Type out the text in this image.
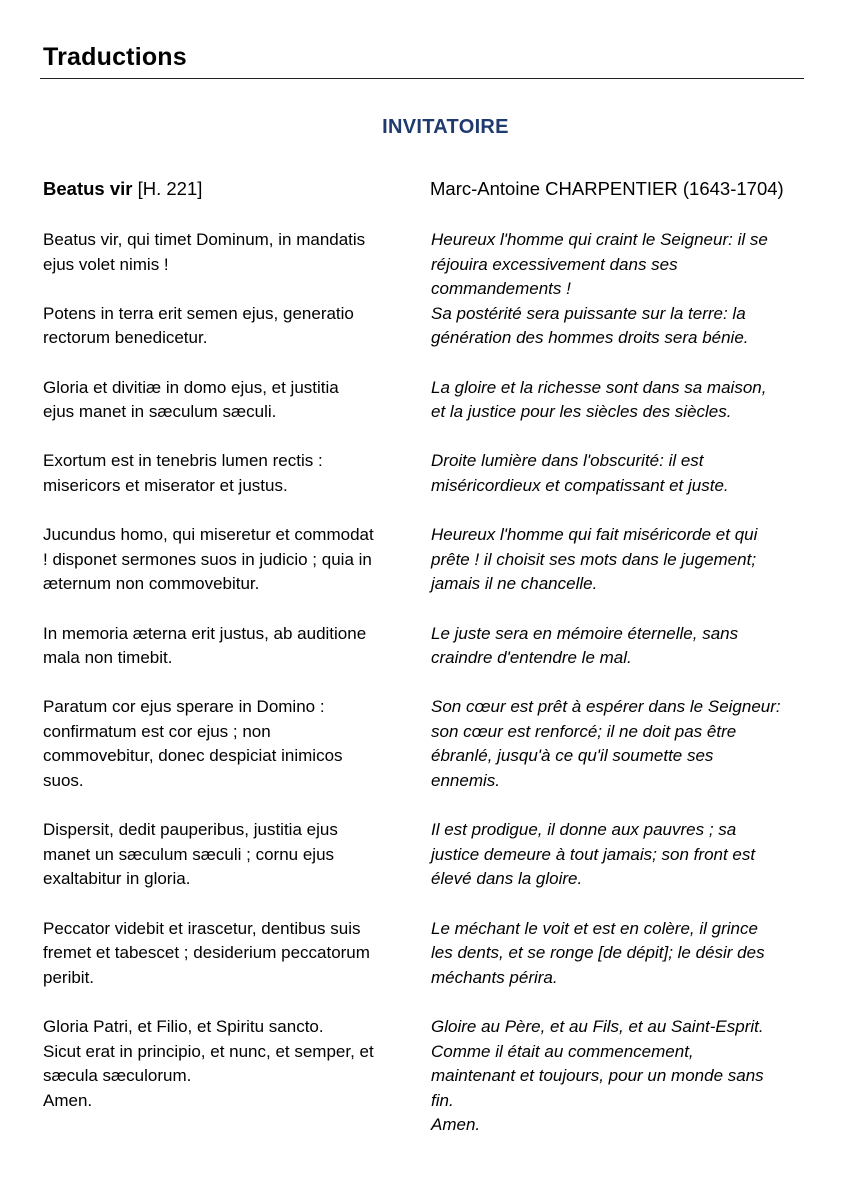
Traductions
INVITATOIRE
Beatus vir [H. 221]	Marc-Antoine CHARPENTIER (1643-1704)

Beatus vir, qui timet Dominum, in mandatis
ejus volet nimis !

Potens in terra erit semen ejus, generatio
rectorum benedicetur.

Gloria et divitiæ in domo ejus, et justitia
ejus manet in sæculum sæculi.

Exortum est in tenebris lumen rectis :
misericors et miserator et justus.

Jucundus homo, qui miseretur et commodat
! disponet sermones suos in judicio ; quia in
æternum non commovebitur.

In memoria æterna erit justus, ab auditione
mala non timebit.

Paratum cor ejus sperare in Domino :
confirmatum est cor ejus ; non
commovebitur, donec despiciat inimicos
suos.

Dispersit, dedit pauperibus, justitia ejus
manet un sæculum sæculi ; cornu ejus
exaltabitur in gloria.

Peccator videbit et irascetur, dentibus suis
fremet et tabescet ; desiderium peccatorum
peribit.

Gloria Patri, et Filio, et Spiritu sancto.
Sicut erat in principio, et nunc, et semper, et
sæcula sæculorum.
Amen.

Heureux l'homme qui craint le Seigneur: il se
réjouira excessivement dans ses
commandements !

Sa postérité sera puissante sur la terre: la
génération des hommes droits sera bénie.

La gloire et la richesse sont dans sa maison,
et la justice pour les siècles des siècles.

Droite lumière dans l'obscurité: il est
miséricordieux et compatissant et juste.

Heureux l'homme qui fait miséricorde et qui
prête ! il choisit ses mots dans le jugement;
jamais il ne chancelle.

Le juste sera en mémoire éternelle, sans
craindre d'entendre le mal.

Son cœur est prêt à espérer dans le Seigneur:
son cœur est renforcé; il ne doit pas être
ébranlé, jusqu'à ce qu'il soumette ses
ennemis.

Il est prodigue, il donne aux pauvres ; sa
justice demeure à tout jamais; son front est
élevé dans la gloire.

Le méchant le voit et est en colère, il grince
les dents, et se ronge [de dépit]; le désir des
méchants périra.

Gloire au Père, et au Fils, et au Saint-Esprit.
Comme il était au commencement,
maintenant et toujours, pour un monde sans
fin.
Amen.
